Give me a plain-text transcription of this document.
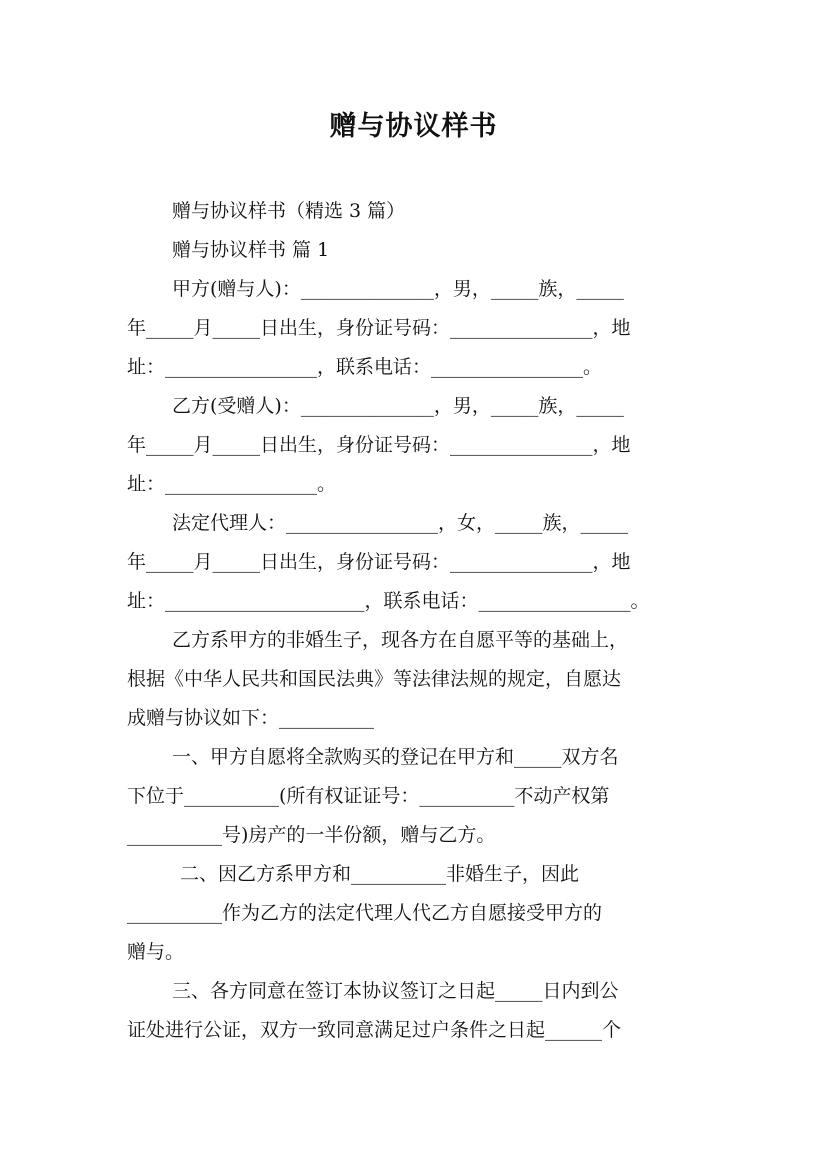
赠与协议样书
赠与协议样书（精选 3 篇）
赠与协议样书 篇 1
甲方(赠与人)：______________，男，_____族，_____
年_____月_____日出生，身份证号码：_______________，地
址：________________，联系电话：________________。
乙方(受赠人)：______________，男，_____族，_____
年_____月_____日出生，身份证号码：_______________，地
址：________________。
法定代理人：________________，女，_____族，_____
年_____月_____日出生，身份证号码：_______________，地
址：_____________________，联系电话：________________。
乙方系甲方的非婚生子，现各方在自愿平等的基础上，
根据《中华人民共和国民法典》等法律法规的规定，自愿达
成赠与协议如下：__________
一、甲方自愿将全款购买的登记在甲方和_____双方名
下位于__________(所有权证证号：__________不动产权第
__________号)房产的一半份额，赠与乙方。
二、因乙方系甲方和__________非婚生子，因此
__________作为乙方的法定代理人代乙方自愿接受甲方的
赠与。
三、各方同意在签订本协议签订之日起_____日内到公
证处进行公证，双方一致同意满足过户条件之日起______个
